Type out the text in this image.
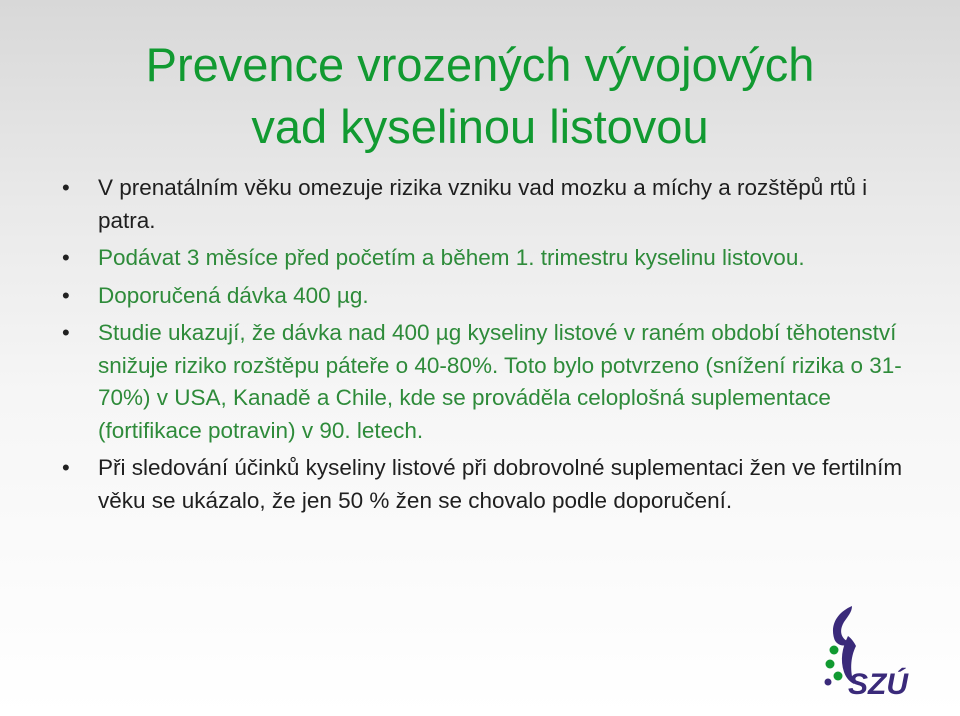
Prevence vrozených vývojových
vad kyselinou listovou
• V prenatálním věku omezuje rizika vzniku vad mozku a míchy a rozštěpů rtů i patra.
• Podávat 3 měsíce před početím a během 1. trimestru kyselinu listovou.
• Doporučená dávka 400 µg.
• Studie ukazují, že dávka nad 400 µg kyseliny listové v raném období těhotenství snižuje riziko rozštěpu páteře o 40-80%. Toto bylo potvrzeno (snížení rizika o 31-70%) v USA, Kanadě a Chile, kde se prováděla celoplošná suplementace (fortifikace potravin) v 90. letech.
• Při sledování účinků kyseliny listové při dobrovolné suplementaci žen ve fertilním věku se ukázalo, že jen 50 % žen se chovalo podle doporučení.
SZÚ
